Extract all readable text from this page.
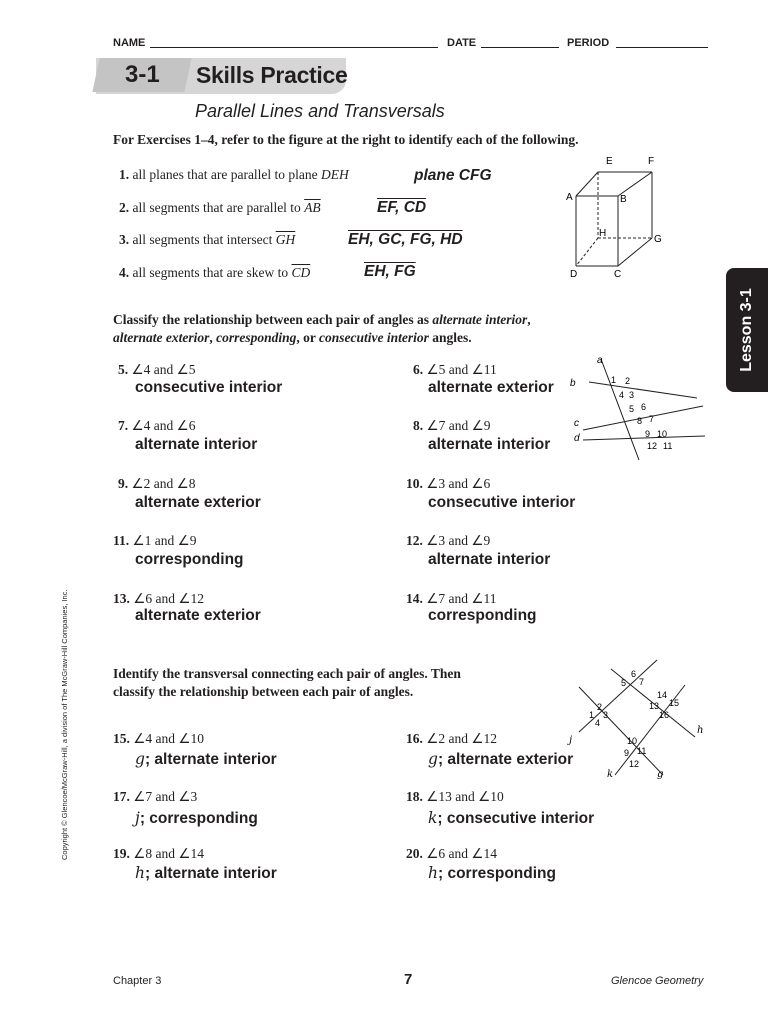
NAME	DATE	PERIOD
3-1 Skills Practice
Parallel Lines and Transversals
For Exercises 1–4, refer to the figure at the right to identify each of the following.
1. all planes that are parallel to plane DEH	plane CFG
2. all segments that are parallel to $\overline{AB}$	EF, CD
3. all segments that intersect $\overline{GH}$	EH, GC, FG, HD
4. all segments that are skew to $\overline{CD}$	EH, FG
E	F
A	B
H
G
D	C
Classify the relationship between each pair of angles as alternate interior,
alternate exterior, corresponding, or consecutive interior angles.
5. ∠4 and ∠5
consecutive interior
7. ∠4 and ∠6
alternate interior
9. ∠2 and ∠8
alternate exterior
11. ∠1 and ∠9
corresponding
13. ∠6 and ∠12
alternate exterior
6. ∠5 and ∠11
alternate exterior
8. ∠7 and ∠9
alternate interior
10. ∠3 and ∠6
consecutive interior
12. ∠3 and ∠9
alternate interior
14. ∠7 and ∠11
corresponding
a
b
c
d
1 2
3
4
5 6
7
8
9 10
12 11
Identify the transversal connecting each pair of angles. Then
classify the relationship between each pair of angles.
15. ∠4 and ∠10
g; alternate interior
16. ∠2 and ∠12
g; alternate exterior
17. ∠7 and ∠3
j; corresponding
18. ∠13 and ∠10
k; consecutive interior
19. ∠8 and ∠14
h; alternate interior
20. ∠6 and ∠14
h; corresponding
j
k	g
h
6
5 7
14
13 15
16
1
2
3
4
10
9 11
12
Lesson 3-1
Copyright © Glencoe/McGraw-Hill, a division of The McGraw-Hill Companies, Inc.
Chapter 3	7	Glencoe Geometry
